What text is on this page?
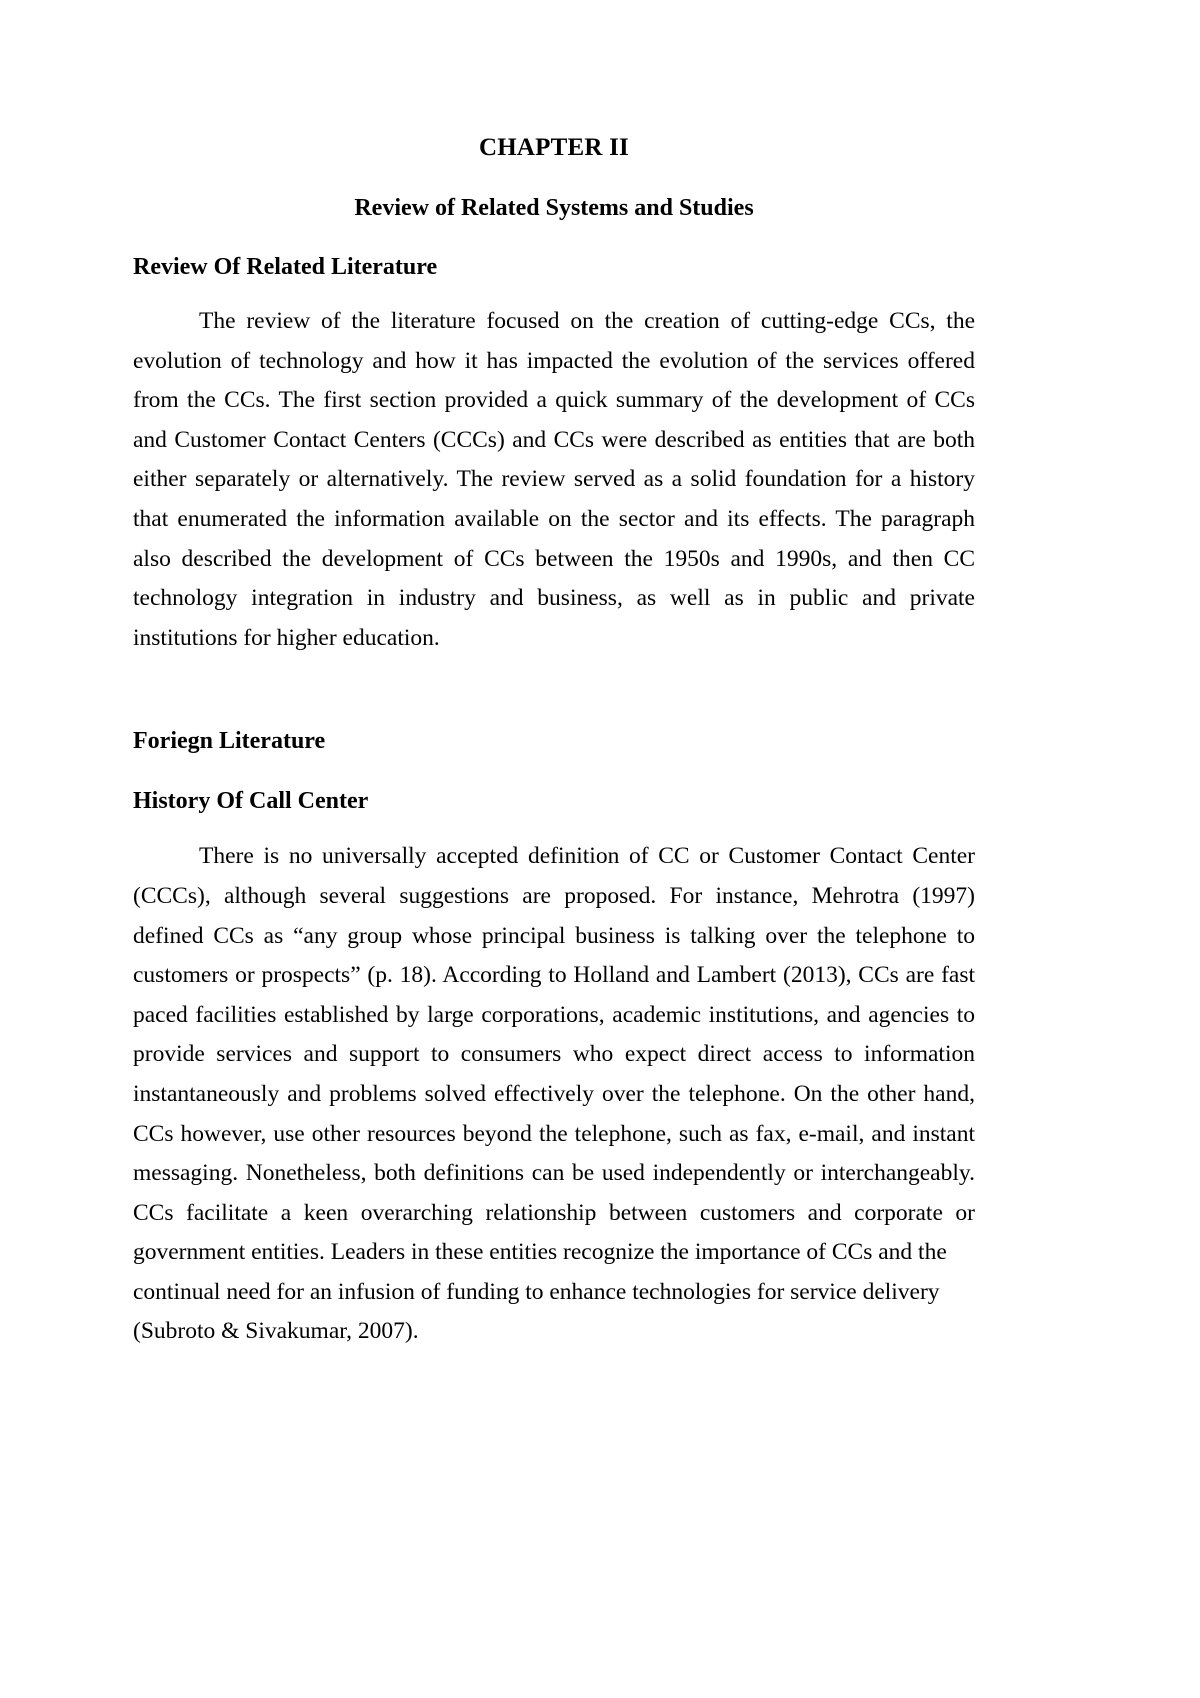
CHAPTER II
Review of Related Systems and Studies
Review Of Related Literature

The review of the literature focused on the creation of cutting-edge CCs, the evolution of technology and how it has impacted the evolution of the services offered from the CCs. The first section provided a quick summary of the development of CCs and Customer Contact Centers (CCCs) and CCs were described as entities that are both either separately or alternatively. The review served as a solid foundation for a history that enumerated the information available on the sector and its effects. The paragraph also described the development of CCs between the 1950s and 1990s, and then CC technology integration in industry and business, as well as in public and private institutions for higher education.

Foriegn Literature
History Of Call Center

There is no universally accepted definition of CC or Customer Contact Center (CCCs), although several suggestions are proposed. For instance, Mehrotra (1997) defined CCs as “any group whose principal business is talking over the telephone to customers or prospects” (p. 18). According to Holland and Lambert (2013), CCs are fast paced facilities established by large corporations, academic institutions, and agencies to provide services and support to consumers who expect direct access to information instantaneously and problems solved effectively over the telephone. On the other hand, CCs however, use other resources beyond the telephone, such as fax, e-mail, and instant messaging. Nonetheless, both definitions can be used independently or interchangeably. CCs facilitate a keen overarching relationship between customers and corporate or government entities. Leaders in these entities recognize the importance of CCs and the

continual need for an infusion of funding to enhance technologies for service delivery
(Subroto & Sivakumar, 2007).
